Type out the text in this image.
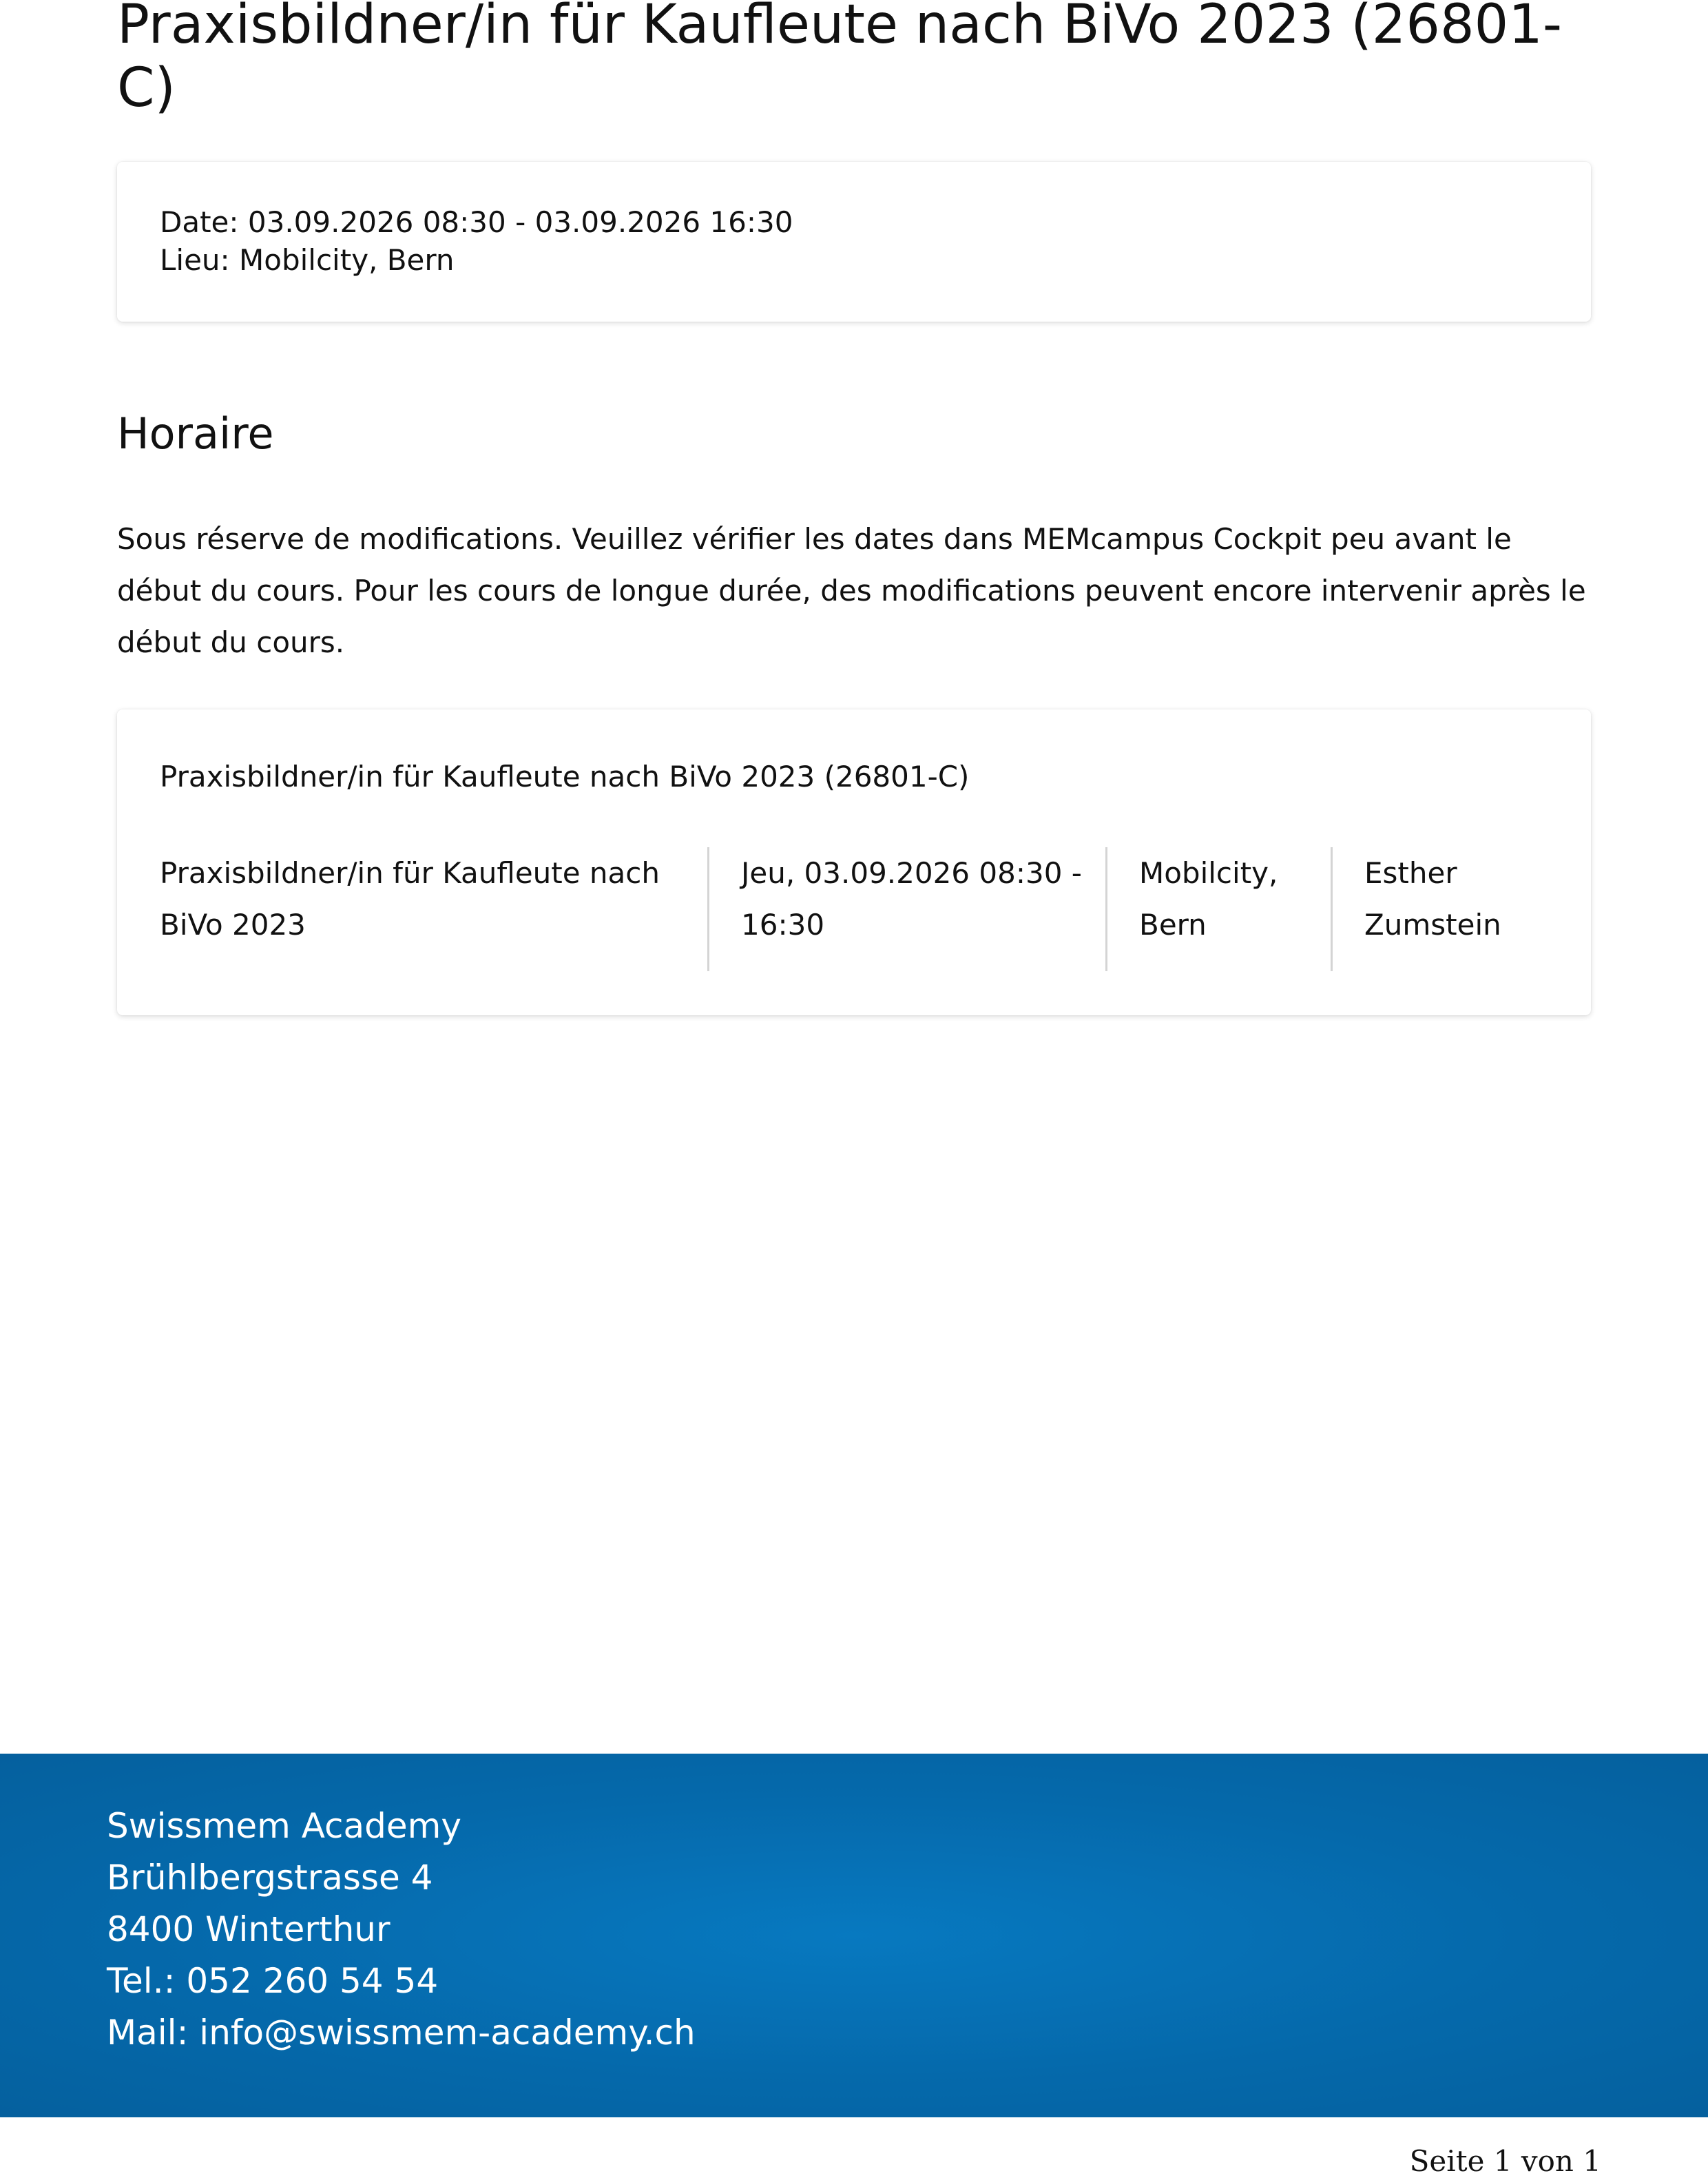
Praxisbildner/in für Kaufleute nach BiVo 2023 (26801-C)
Date: 03.09.2026 08:30 - 03.09.2026 16:30
Lieu: Mobilcity, Bern
Horaire

Sous réserve de modifications. Veuillez vérifier les dates dans MEMcampus Cockpit peu avant le début du cours. Pour les cours de longue durée, des modifications peuvent encore intervenir après le début du cours.

Praxisbildner/in für Kaufleute nach BiVo 2023 (26801-C)
Praxisbildner/in für Kaufleute nach BiVo 2023
Jeu, 03.09.2026 08:30 - 16:30
Mobilcity, Bern
Esther Zumstein
Swissmem Academy
Brühlbergstrasse 4
8400 Winterthur
Tel.: 052 260 54 54
Mail: info@swissmem-academy.ch
Seite 1 von 1
